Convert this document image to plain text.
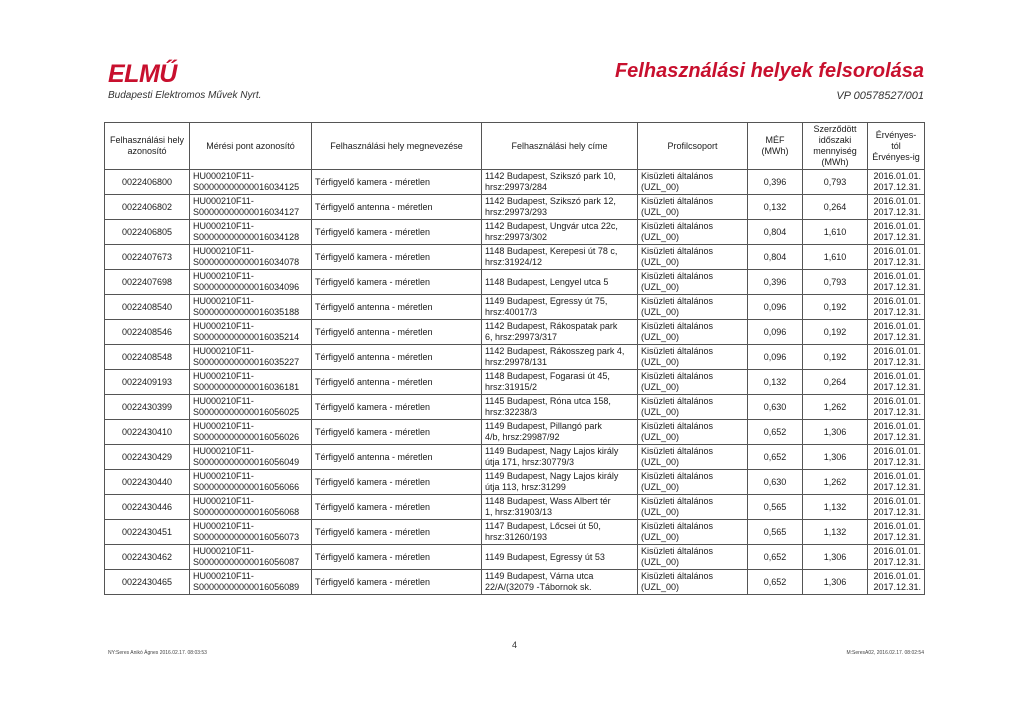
ELMŰ
Budapesti Elektromos Művek Nyrt.
Felhasználási helyek felsorolása
VP 00578527/001
Felhasználási hely azonosító	Mérési pont azonosító	Felhasználási hely megnevezése	Felhasználási hely címe	Profilcsoport	MÉF (MWh)	Szerződött időszaki mennyiség (MWh)	Érvényes-tól Érvényes-ig
0022406800	HU000210F11-
S00000000000016034125	Térfigyelő kamera - méretlen	1142 Budapest, Szikszó park 10,
hrsz:29973/284	Kisüzleti általános
(UZL_00)	0,396	0,793	2016.01.01.
2017.12.31.

0022406802	HU000210F11-
S00000000000016034127	Térfigyelő antenna - méretlen	1142 Budapest, Szikszó park 12,
hrsz:29973/293	Kisüzleti általános
(UZL_00)	0,132	0,264	2016.01.01.
2017.12.31.

0022406805	HU000210F11-
S00000000000016034128	Térfigyelő kamera - méretlen	1142 Budapest, Ungvár utca 22c,
hrsz:29973/302	Kisüzleti általános
(UZL_00)	0,804	1,610	2016.01.01.
2017.12.31.

0022407673	HU000210F11-
S00000000000016034078	Térfigyelő kamera - méretlen	1148 Budapest, Kerepesi út 78 c,
hrsz:31924/12	Kisüzleti általános
(UZL_00)	0,804	1,610	2016.01.01.
2017.12.31.

0022407698	HU000210F11-
S00000000000016034096	Térfigyelő kamera - méretlen	1148 Budapest, Lengyel utca 5	Kisüzleti általános
(UZL_00)	0,396	0,793	2016.01.01.
2017.12.31.

0022408540	HU000210F11-
S00000000000016035188	Térfigyelő antenna - méretlen	1149 Budapest, Egressy út 75,
hrsz:40017/3	Kisüzleti általános
(UZL_00)	0,096	0,192	2016.01.01.
2017.12.31.

0022408546	HU000210F11-
S00000000000016035214	Térfigyelő antenna - méretlen	1142 Budapest, Rákospatak park
6, hrsz:29973/317	Kisüzleti általános
(UZL_00)	0,096	0,192	2016.01.01.
2017.12.31.

0022408548	HU000210F11-
S00000000000016035227	Térfigyelő antenna - méretlen	1142 Budapest, Rákosszeg park 4,
hrsz:29978/131	Kisüzleti általános
(UZL_00)	0,096	0,192	2016.01.01.
2017.12.31.

0022409193	HU000210F11-
S00000000000016036181	Térfigyelő antenna - méretlen	1148 Budapest, Fogarasi út 45,
hrsz:31915/2	Kisüzleti általános
(UZL_00)	0,132	0,264	2016.01.01.
2017.12.31.

0022430399	HU000210F11-
S00000000000016056025	Térfigyelő kamera - méretlen	1145 Budapest, Róna utca 158,
hrsz:32238/3	Kisüzleti általános
(UZL_00)	0,630	1,262	2016.01.01.
2017.12.31.

0022430410	HU000210F11-
S00000000000016056026	Térfigyelő kamera - méretlen	1149 Budapest, Pillangó park
4/b, hrsz:29987/92	Kisüzleti általános
(UZL_00)	0,652	1,306	2016.01.01.
2017.12.31.

0022430429	HU000210F11-
S00000000000016056049	Térfigyelő antenna - méretlen	1149 Budapest, Nagy Lajos király
útja 171, hrsz:30779/3	Kisüzleti általános
(UZL_00)	0,652	1,306	2016.01.01.
2017.12.31.

0022430440	HU000210F11-
S00000000000016056066	Térfigyelő kamera - méretlen	1149 Budapest, Nagy Lajos király
útja 113, hrsz:31299	Kisüzleti általános
(UZL_00)	0,630	1,262	2016.01.01.
2017.12.31.

0022430446	HU000210F11-
S00000000000016056068	Térfigyelő kamera - méretlen	1148 Budapest, Wass Albert tér
1, hrsz:31903/13	Kisüzleti általános
(UZL_00)	0,565	1,132	2016.01.01.
2017.12.31.

0022430451	HU000210F11-
S00000000000016056073	Térfigyelő kamera - méretlen	1147 Budapest, Lőcsei út 50,
hrsz:31260/193	Kisüzleti általános
(UZL_00)	0,565	1,132	2016.01.01.
2017.12.31.

0022430462	HU000210F11-
S00000000000016056087	Térfigyelő kamera - méretlen	1149 Budapest, Egressy út 53	Kisüzleti általános
(UZL_00)	0,652	1,306	2016.01.01.
2017.12.31.

0022430465	HU000210F11-
S00000000000016056089	Térfigyelő kamera - méretlen	1149 Budapest, Várna utca
22/A/(32079 -Tábornok sk.	Kisüzleti általános
(UZL_00)	0,652	1,306	2016.01.01.
2017.12.31.
NY:Seres Anikó Ágnes 2016.02.17. 08:03:53
4
M:SeresA02, 2016.02.17. 08:02:54
